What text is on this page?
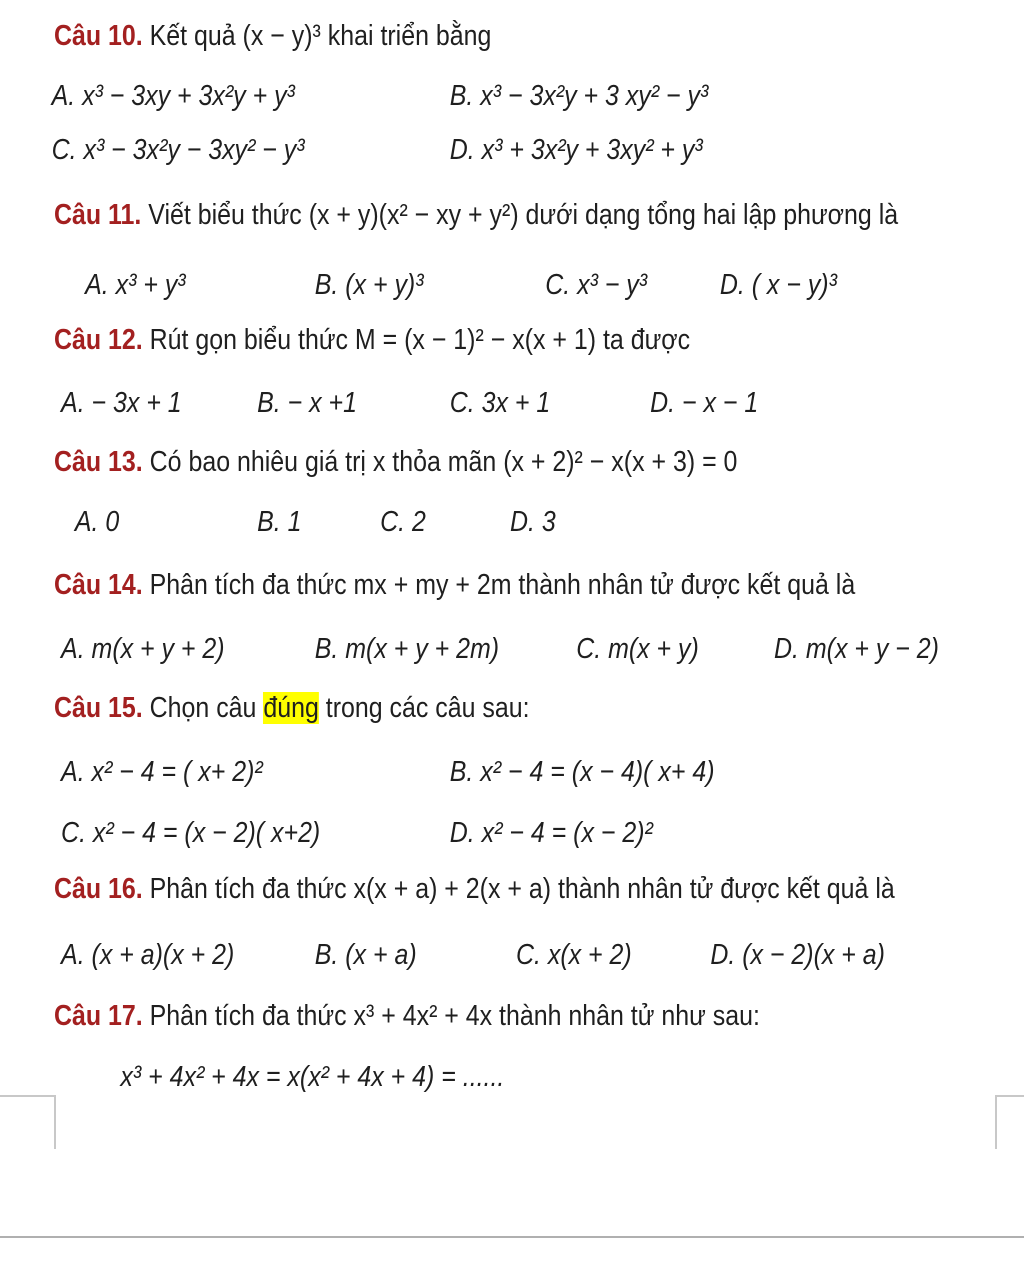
Câu 10. Kết quả (x − y)³ khai triển bằng
A. x³ − 3xy + 3x²y + y³	B. x³ − 3x²y + 3 xy² − y³
C. x³ − 3x²y − 3xy² − y³	D. x³ + 3x²y + 3xy² + y³
Câu 11. Viết biểu thức (x + y)(x² − xy + y²) dưới dạng tổng hai lập phương là
A. x³ + y³	B. (x + y)³	C. x³ − y³	D. ( x − y)³
Câu 12. Rút gọn biểu thức M = (x − 1)² − x(x + 1) ta được
A. − 3x + 1	B. − x +1	C. 3x + 1	D. − x − 1
Câu 13. Có bao nhiêu giá trị x thỏa mãn (x + 2)² − x(x + 3) = 0
A. 0	B. 1	C. 2	D. 3
Câu 14. Phân tích đa thức mx + my + 2m thành nhân tử được kết quả là
A. m(x + y + 2)	B. m(x + y + 2m)	C. m(x + y)	D. m(x + y − 2)
Câu 15. Chọn câu đúng trong các câu sau:
A. x² − 4 = ( x+ 2)²	B. x² − 4 = (x − 4)( x+ 4)
C. x² − 4 = (x − 2)( x+2)	D. x² − 4 = (x − 2)²
Câu 16. Phân tích đa thức x(x + a) + 2(x + a) thành nhân tử được kết quả là
A. (x + a)(x + 2)	B. (x + a)	C. x(x + 2)	D. (x − 2)(x + a)
Câu 17. Phân tích đa thức x³ + 4x² + 4x thành nhân tử như sau:
x³ + 4x² + 4x = x(x² + 4x + 4) = ......
